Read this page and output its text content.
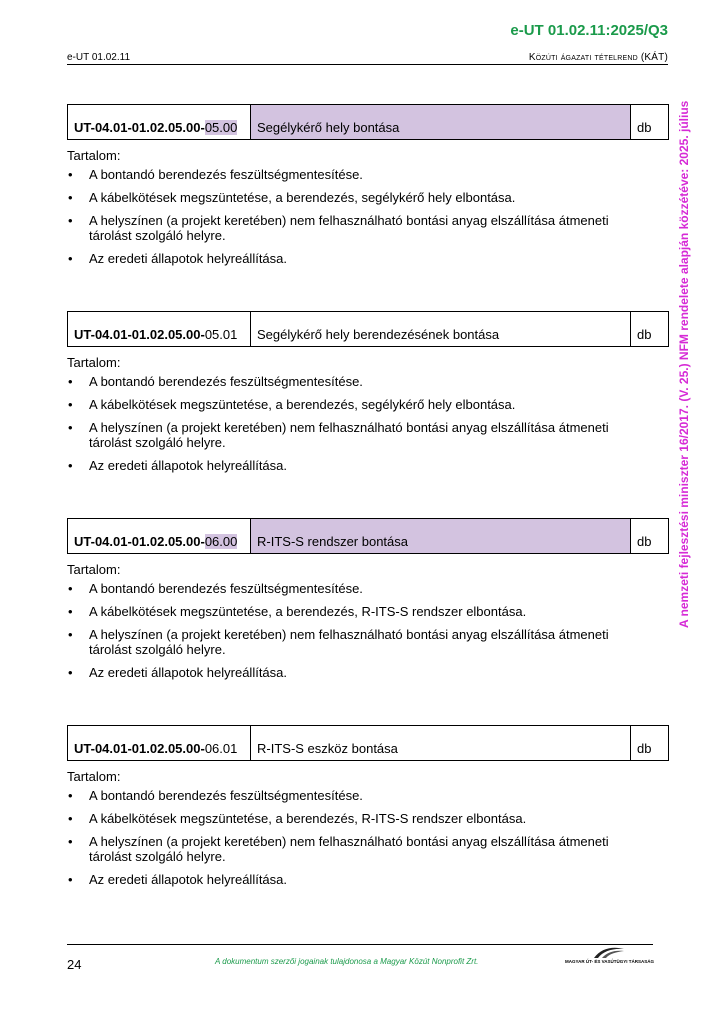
e-UT 01.02.11:2025/Q3
e-UT 01.02.11	Közúti ágazati tételrend (KÁT)
A nemzeti fejlesztési miniszter 16/2017. (V. 25.) NFM rendelete alapján közzétéve: 2025. július
UT-04.01-01.02.05.00- 05.00	Segélykérő hely bontása	db
Tartalom:
• A bontandó berendezés feszültségmentesítése.
• A kábelkötések megszüntetése, a berendezés, segélykérő hely elbontása.
• A helyszínen (a projekt keretében) nem felhasználható bontási anyag elszállítása átmeneti tárolást szolgáló helyre.
• Az eredeti állapotok helyreállítása.
UT-04.01-01.02.05.00- 05.01	Segélykérő hely berendezésének bontása	db
Tartalom:
• A bontandó berendezés feszültségmentesítése.
• A kábelkötések megszüntetése, a berendezés, segélykérő hely elbontása.
• A helyszínen (a projekt keretében) nem felhasználható bontási anyag elszállítása átmeneti tárolást szolgáló helyre.
• Az eredeti állapotok helyreállítása.
UT-04.01-01.02.05.00- 06.00	R-ITS-S rendszer bontása	db
Tartalom:
• A bontandó berendezés feszültségmentesítése.
• A kábelkötések megszüntetése, a berendezés, R-ITS-S rendszer elbontása.
• A helyszínen (a projekt keretében) nem felhasználható bontási anyag elszállítása átmeneti tárolást szolgáló helyre.
• Az eredeti állapotok helyreállítása.
UT-04.01-01.02.05.00- 06.01	R-ITS-S eszköz bontása	db
Tartalom:
• A bontandó berendezés feszültségmentesítése.
• A kábelkötések megszüntetése, a berendezés, R-ITS-S rendszer elbontása.
• A helyszínen (a projekt keretében) nem felhasználható bontási anyag elszállítása átmeneti tárolást szolgáló helyre.
• Az eredeti állapotok helyreállítása.
24	A dokumentum szerzői jogainak tulajdonosa a Magyar Közút Nonprofit Zrt.	MAGYAR ÚT- ÉS VASÚTÜGYI TÁRSASÁG
